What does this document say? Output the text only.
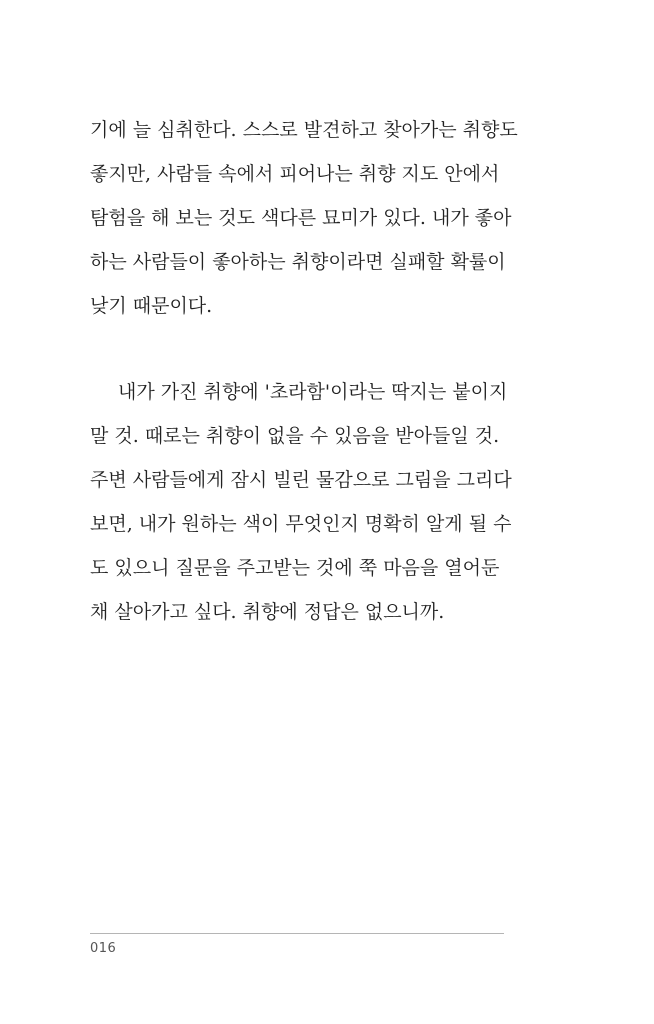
기에 늘 심취한다. 스스로 발견하고 찾아가는 취향도
좋지만, 사람들 속에서 피어나는 취향 지도 안에서
탐험을 해 보는 것도 색다른 묘미가 있다. 내가 좋아
하는 사람들이 좋아하는 취향이라면 실패할 확률이
낮기 때문이다.

내가 가진 취향에 '초라함'이라는 딱지는 붙이지
말 것. 때로는 취향이 없을 수 있음을 받아들일 것.
주변 사람들에게 잠시 빌린 물감으로 그림을 그리다
보면, 내가 원하는 색이 무엇인지 명확히 알게 될 수
도 있으니 질문을 주고받는 것에 쭉 마음을 열어둔
채 살아가고 싶다. 취향에 정답은 없으니까.

016
